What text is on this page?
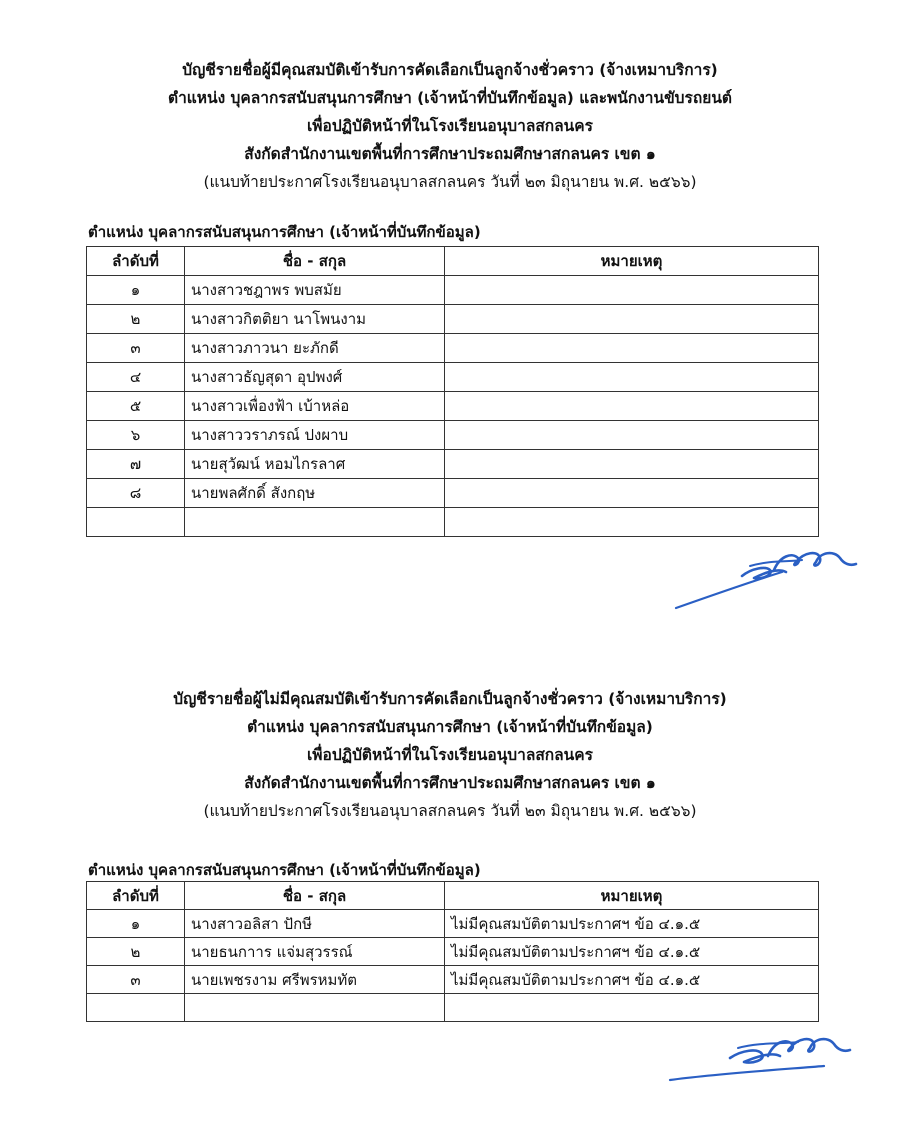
บัญชีรายชื่อผู้มีคุณสมบัติเข้ารับการคัดเลือกเป็นลูกจ้างชั่วคราว (จ้างเหมาบริการ)
ตำแหน่ง บุคลากรสนับสนุนการศึกษา (เจ้าหน้าที่บันทึกข้อมูล) และพนักงานขับรถยนต์
เพื่อปฏิบัติหน้าที่ในโรงเรียนอนุบาลสกลนคร
สังกัดสำนักงานเขตพื้นที่การศึกษาประถมศึกษาสกลนคร เขต ๑
(แนบท้ายประกาศโรงเรียนอนุบาลสกลนคร วันที่ ๒๓ มิถุนายน พ.ศ. ๒๕๖๖)
ตำแหน่ง บุคลากรสนับสนุนการศึกษา (เจ้าหน้าที่บันทึกข้อมูล)
ลำดับที่	ชื่อ - สกุล	หมายเหตุ
๑	นางสาวชฎาพร พบสมัย	
๒	นางสาวกิตติยา นาโพนงาม	
๓	นางสาวภาวนา ยะภักดี	
๔	นางสาวธัญสุดา อุปพงศ์	
๕	นางสาวเพื่องฟ้า เบ้าหล่อ	
๖	นางสาววราภรณ์ ปงผาบ	
๗	นายสุวัฒน์ หอมไกรลาศ	
๘	นายพลศักดิ์ สังกฤษ	

บัญชีรายชื่อผู้ไม่มีคุณสมบัติเข้ารับการคัดเลือกเป็นลูกจ้างชั่วคราว (จ้างเหมาบริการ)
ตำแหน่ง บุคลากรสนับสนุนการศึกษา (เจ้าหน้าที่บันทึกข้อมูล)
เพื่อปฏิบัติหน้าที่ในโรงเรียนอนุบาลสกลนคร
สังกัดสำนักงานเขตพื้นที่การศึกษาประถมศึกษาสกลนคร เขต ๑
(แนบท้ายประกาศโรงเรียนอนุบาลสกลนคร วันที่ ๒๓ มิถุนายน พ.ศ. ๒๕๖๖)
ตำแหน่ง บุคลากรสนับสนุนการศึกษา (เจ้าหน้าที่บันทึกข้อมูล)
ลำดับที่	ชื่อ - สกุล	หมายเหตุ
๑	นางสาวอลิสา ปักษี	ไม่มีคุณสมบัติตามประกาศฯ ข้อ ๔.๑.๕
๒	นายธนกาาร แจ่มสุวรรณ์	ไม่มีคุณสมบัติตามประกาศฯ ข้อ ๔.๑.๕
๓	นายเพชรงาม ศรีพรหมทัต	ไม่มีคุณสมบัติตามประกาศฯ ข้อ ๔.๑.๕
